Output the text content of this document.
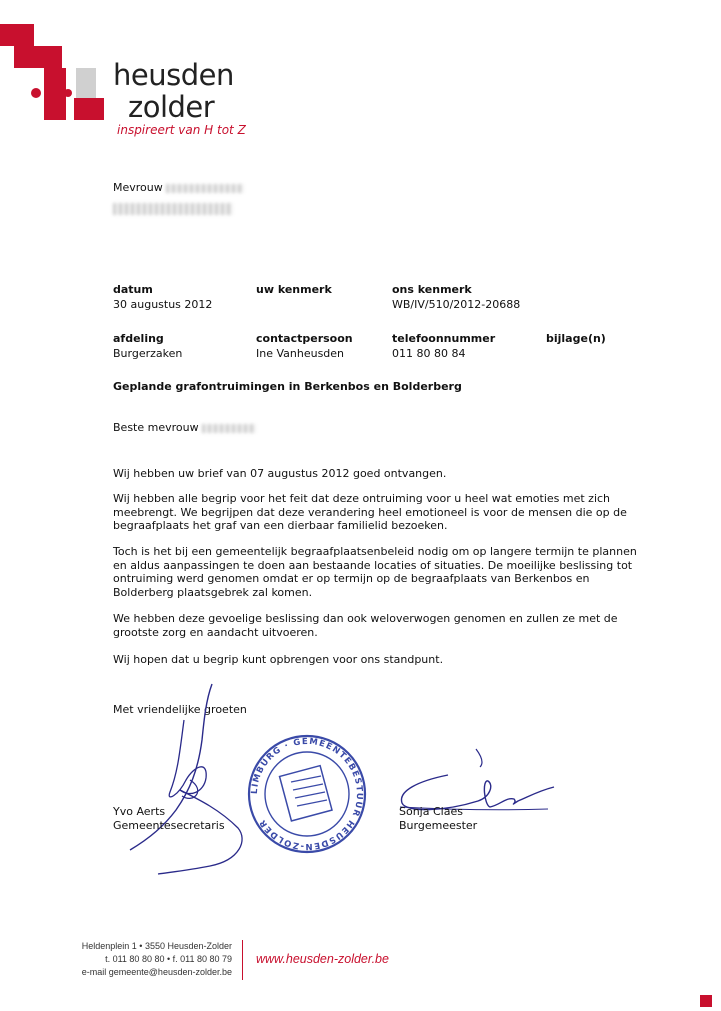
heusden
zolder
inspireert van H tot Z
Mevrouw
datum
30 augustus 2012
uw kenmerk	ons kenmerk
WB/IV/510/2012-20688
afdeling
Burgerzaken
contactpersoon
Ine Vanheusden
telefoonnummer
011 80 80 84
bijlage(n)
Geplande grafontruimingen in Berkenbos en Bolderberg
Beste mevrouw
Wij hebben uw brief van 07 augustus 2012 goed ontvangen.
Wij hebben alle begrip voor het feit dat deze ontruiming voor u heel wat emoties met zich meebrengt. We begrijpen dat deze verandering heel emotioneel is voor de mensen die op de begraafplaats het graf van een dierbaar familielid bezoeken.
Toch is het bij een gemeentelijk begraafplaatsenbeleid nodig om op langere termijn te plannen en aldus aanpassingen te doen aan bestaande locaties of situaties. De moeilijke beslissing tot ontruiming werd genomen omdat er op termijn op de begraafplaats van Berkenbos en Bolderberg plaatsgebrek zal komen.
We hebben deze gevoelige beslissing dan ook weloverwogen genomen en zullen ze met de grootste zorg en aandacht uitvoeren.
Wij hopen dat u begrip kunt opbrengen voor ons standpunt.
Met vriendelijke groeten
Yvo Aerts
Gemeentesecretaris
LIMBURG · GEMEENTEBESTUUR HEUSDEN-ZOLDER
Sonja Claes
Burgemeester
Heldenplein 1 • 3550 Heusden-Zolder
t. 011 80 80 80 • f. 011 80 80 79
e-mail gemeente@heusden-zolder.be
www.heusden-zolder.be
